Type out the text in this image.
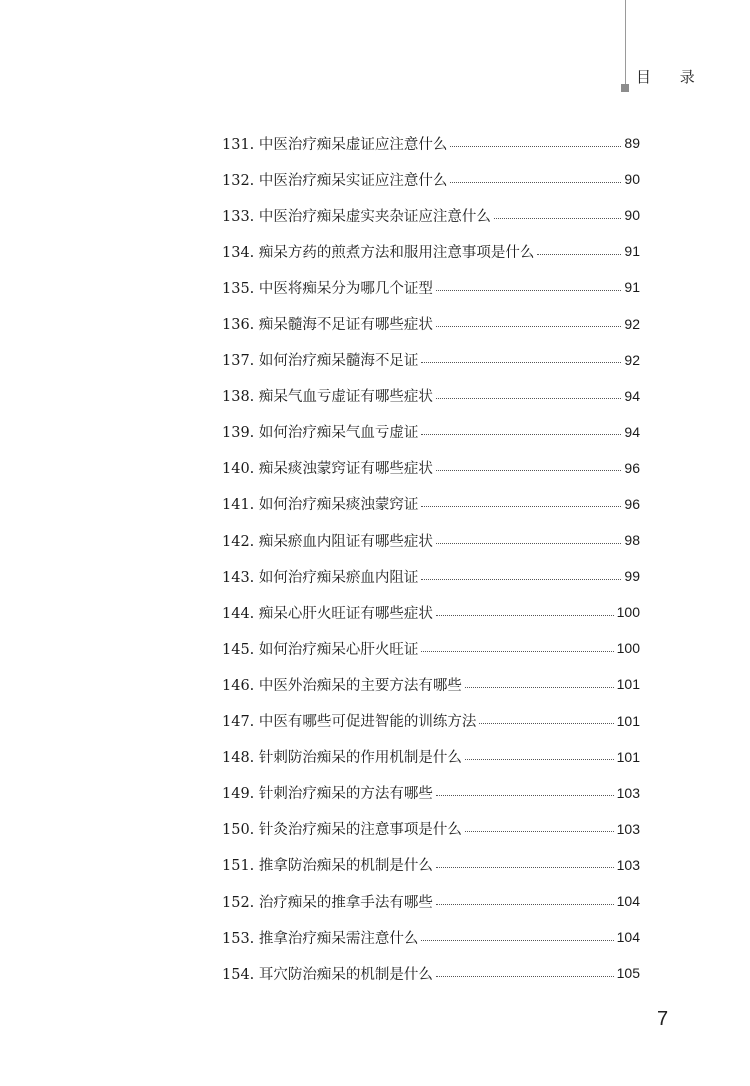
目 录
131. 中医治疗痴呆虚证应注意什么	89
132. 中医治疗痴呆实证应注意什么	90
133. 中医治疗痴呆虚实夹杂证应注意什么	90
134. 痴呆方药的煎煮方法和服用注意事项是什么	91
135. 中医将痴呆分为哪几个证型	91
136. 痴呆髓海不足证有哪些症状	92
137. 如何治疗痴呆髓海不足证	92
138. 痴呆气血亏虚证有哪些症状	94
139. 如何治疗痴呆气血亏虚证	94
140. 痴呆痰浊蒙窍证有哪些症状	96
141. 如何治疗痴呆痰浊蒙窍证	96
142. 痴呆瘀血内阻证有哪些症状	98
143. 如何治疗痴呆瘀血内阻证	99
144. 痴呆心肝火旺证有哪些症状	100
145. 如何治疗痴呆心肝火旺证	100
146. 中医外治痴呆的主要方法有哪些	101
147. 中医有哪些可促进智能的训练方法	101
148. 针刺防治痴呆的作用机制是什么	101
149. 针刺治疗痴呆的方法有哪些	103
150. 针灸治疗痴呆的注意事项是什么	103
151. 推拿防治痴呆的机制是什么	103
152. 治疗痴呆的推拿手法有哪些	104
153. 推拿治疗痴呆需注意什么	104
154. 耳穴防治痴呆的机制是什么	105
7
